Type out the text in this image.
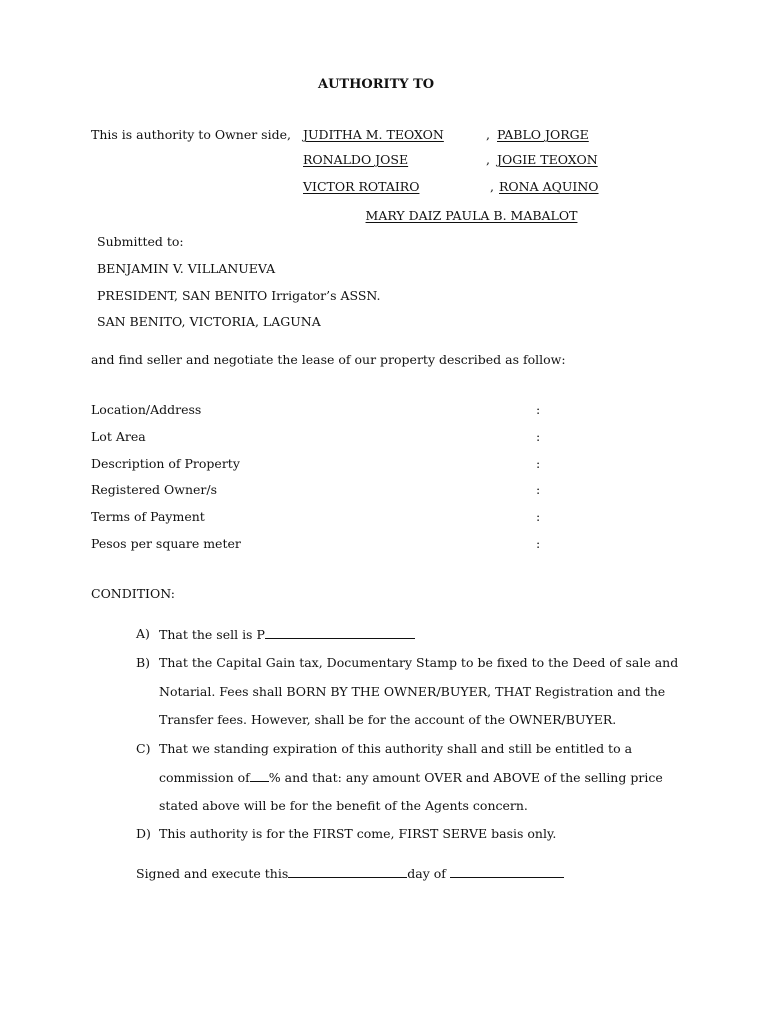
AUTHORITY TO
This is authority to Owner side, JUDITHA M. TEOXON	, PABLO JORGE
RONALDO JOSE	, JOGIE TEOXON
VICTOR ROTAIRO	, RONA AQUINO
MARY DAIZ PAULA B. MABALOT
Submitted to:
BENJAMIN V. VILLANUEVA
PRESIDENT, SAN BENITO Irrigator’s ASSN.
SAN BENITO, VICTORIA, LAGUNA
and find seller and negotiate the lease of our property described as follow:
Location/Address	:
Lot Area	:
Description of Property	:
Registered Owner/s	:
Terms of Payment	:
Pesos per square meter	:
CONDITION:
A) That the sell is P
B) That the Capital Gain tax, Documentary Stamp to be fixed to the Deed of sale and
Notarial. Fees shall BORN BY THE OWNER/BUYER, THAT Registration and the
Transfer fees. However, shall be for the account of the OWNER/BUYER.
C) That we standing expiration of this authority shall and still be entitled to a
commission of % and that: any amount OVER and ABOVE of the selling price
stated above will be for the benefit of the Agents concern.
D) This authority is for the FIRST come, FIRST SERVE basis only.
Signed and execute this	day of
